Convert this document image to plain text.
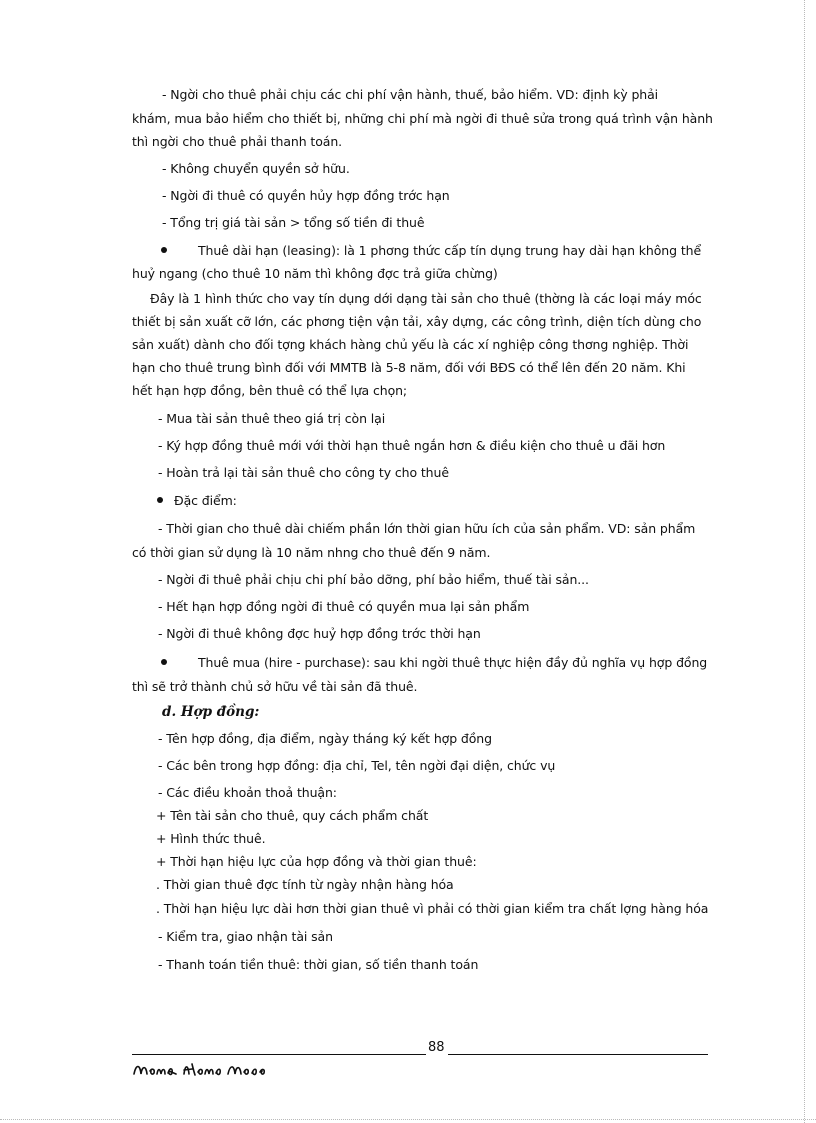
- Ngời cho thuê phải chịu các chi phí vận hành, thuế, bảo hiểm. VD: định kỳ phải
khám, mua bảo hiểm cho thiết bị, những chi phí mà ngời đi thuê sửa trong quá trình vận hành
thì ngời cho thuê phải thanh toán.
- Không chuyển quyền sở hữu.
- Ngời đi thuê có quyền hủy hợp đồng trớc hạn
- Tổng trị giá tài sản > tổng số tiền đi thuê
Thuê dài hạn (leasing): là 1 phơng thức cấp tín dụng trung hay dài hạn không thể
huỷ ngang (cho thuê 10 năm thì không đợc trả giữa chừng)
Đây là 1 hình thức cho vay tín dụng dới dạng tài sản cho thuê (thờng là các loại máy móc
thiết bị sản xuất cỡ lớn, các phơng tiện vận tải, xây dựng, các công trình, diện tích dùng cho
sản xuất) dành cho đối tợng khách hàng chủ yếu là các xí nghiệp công thơng nghiệp. Thời
hạn cho thuê trung bình đối với MMTB là 5-8 năm, đối với BĐS có thể lên đến 20 năm. Khi
hết hạn hợp đồng, bên thuê có thể lựa chọn;
- Mua tài sản thuê theo giá trị còn lại
- Ký hợp đồng thuê mới với thời hạn thuê ngắn hơn & điều kiện cho thuê u đãi hơn
- Hoàn trả lại tài sản thuê cho công ty cho thuê
Đặc điểm:
- Thời gian cho thuê dài chiếm phần lớn thời gian hữu ích của sản phẩm. VD: sản phẩm
có thời gian sử dụng là 10 năm nhng cho thuê đến 9 năm.
- Ngời đi thuê phải chịu chi phí bảo dỡng, phí bảo hiểm, thuế tài sản...
- Hết hạn hợp đồng ngời đi thuê có quyền mua lại sản phẩm
- Ngời đi thuê không đợc huỷ hợp đồng trớc thời hạn
Thuê mua (hire - purchase): sau khi ngời thuê thực hiện đầy đủ nghĩa vụ hợp đồng
thì sẽ trở thành chủ sở hữu về tài sản đã thuê.
d. Hợp đồng:
- Tên hợp đồng, địa điểm, ngày tháng ký kết hợp đồng
- Các bên trong hợp đồng: địa chỉ, Tel, tên ngời đại diện, chức vụ
- Các điều khoản thoả thuận:
+ Tên tài sản cho thuê, quy cách phẩm chất
+ Hình thức thuê.
+ Thời hạn hiệu lực của hợp đồng và thời gian thuê:
. Thời gian thuê đợc tính từ ngày nhận hàng hóa
. Thời hạn hiệu lực dài hơn thời gian thuê vì phải có thời gian kiểm tra chất lợng hàng hóa
- Kiểm tra, giao nhận tài sản
- Thanh toán tiền thuê: thời gian, số tiền thanh toán
88
